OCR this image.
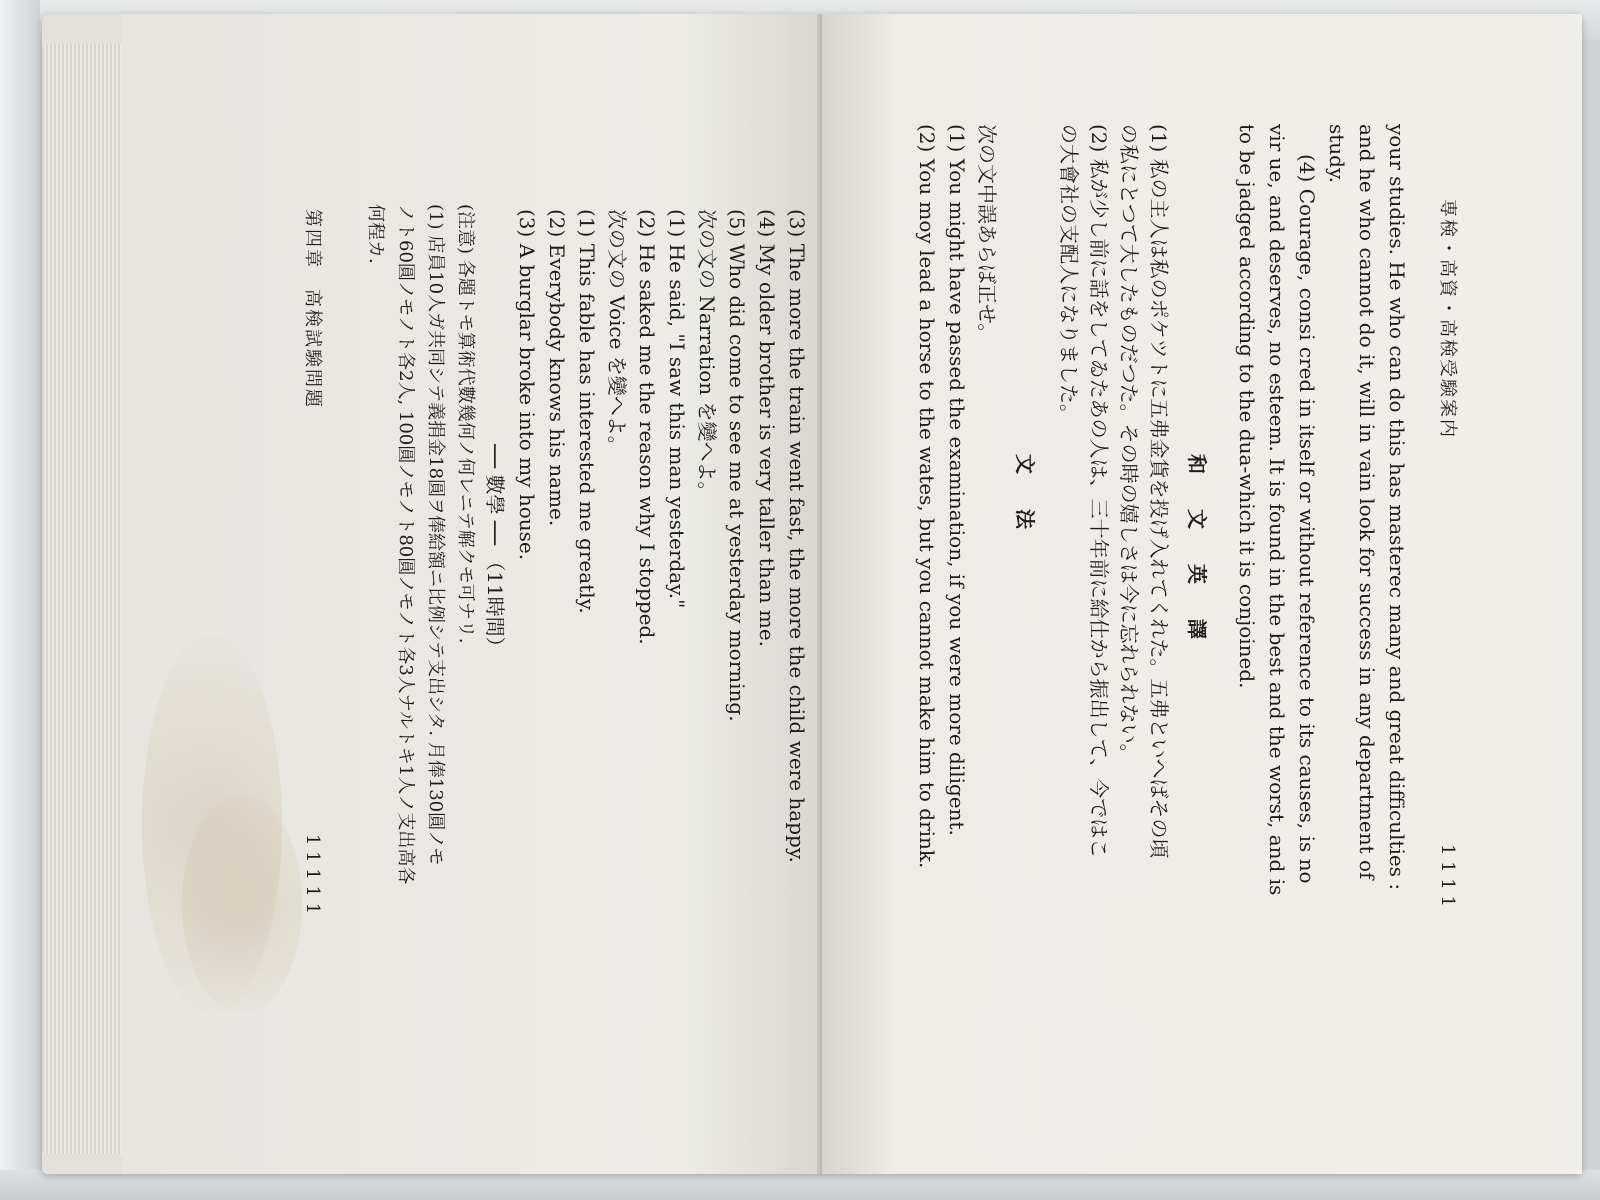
(3) The more the train went fast, the more the child were happy.
(4) My older brother is very taller than me.
(5) Who did come to see me at yesterday morning.
次の文の Narration を變へよ。
(1) He said, "I saw this man yesterday."
(2) He saked me the reason why I stopped.
次の文の Voice を變へよ。
(1) This fable has interested me greatly.
(2) Everybody knows his name.
(3) A burglar broke into my house.
── 數學 ── （11時間）
(注意) 各題トモ算術代數幾何ノ何レニテ解クモ可ナリ.
(1) 店員10人ガ共同シテ義捐金18圓ヲ俸給額ニ比例シテ支出シタ. 月俸130圓ノモ
ノト60圓ノモノト各2人, 100圓ノモノト80圓ノモノト各3人ナルトキ1人ノ支出高各
何程カ.
第四章　高検試験問題
1 1 1 1 1
専検・高資・高検受験案内
1 1 1 1
your studies. He who can do this has masterec many and great difficulties :
and he who cannot do it, will in vain look for success in any department of
study.
(4) Courage, consi cred in itself or without reference to its causes, is no
vir ue, and deserves, no esteem. It is found in the best and the worst, and is
to be jadged according to the dua-which it is conjoined.
和 文 英 譯
(1) 私の主人は私のポケツトに五弗金貨を投げ入れてくれた。五弗といへばその頃
の私にとつて大したものだつた。その時の嬉しさは今に忘れられない。
(2) 私が少し前に話をしてゐたあの人は、三十年前に給仕から振出して、今ではこ
の大會社の支配人になりました。
文 法
次の文中誤あらば正せ。
(1) You might have passed the examination, if you were more diligent.
(2) You moy lead a horse to the wates, but you cannot make him to drink.
